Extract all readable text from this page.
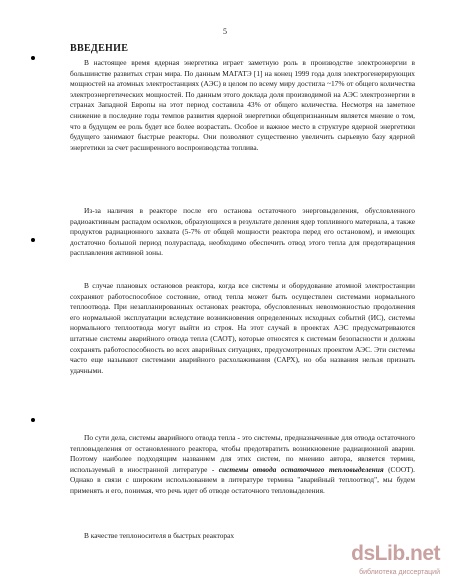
5
ВВЕДЕНИЕ

В настоящее время ядерная энергетика играет заметную роль в производстве электроэнергии в большинстве развитых стран мира. По данным МАГАТЭ [1] на конец 1999 года доля электрогенерирующих мощностей на атомных электростанциях (АЭС) в целом по всему миру достигла ~17% от общего количества электроэнергетических мощностей. По данным этого доклада доля производимой на АЭС электроэнергии в странах Западной Европы на этот период составила 43% от общего количества. Несмотря на заметное снижение в последние годы темпов развития ядерной энергетики общепризнанным является мнение о том, что в будущем ее роль будет все более возрастать. Особое и важное место в структуре ядерной энергетики будущего занимают быстрые реакторы. Они позволяют существенно увеличить сырьевую базу ядерной энергетики за счет расширенного воспроизводства топлива.

Из-за наличия в реакторе после его останова остаточного энерговыделения, обусловленного радиоактивным распадом осколков, образующихся в результате деления ядер топливного материала, а также продуктов радиационного захвата (5-7% от общей мощности реактора перед его остановом), и имеющих достаточно большой период полураспада, необходимо обеспечить отвод этого тепла для предотвращения расплавления активной зоны.

В случае плановых остановов реактора, когда все системы и оборудование атомной электростанции сохраняют работоспособное состояние, отвод тепла может быть осуществлен системами нормального теплоотвода. При незапланированных остановах реактора, обусловленных невозможностью продолжения его нормальной эксплуатации вследствие возникновения определенных исходных событий (ИС), системы нормального теплоотвода могут выйти из строя. На этот случай в проектах АЭС предусматриваются штатные системы аварийного отвода тепла (САОТ), которые относятся к системам безопасности и должны сохранять работоспособность во всех аварийных ситуациях, предусмотренных проектом АЭС. Эти системы часто еще называют системами аварийного расхолаживания (САРХ), но оба названия нельзя признать удачными.

По сути дела, системы аварийного отвода тепла - это системы, предназначенные для отвода остаточного тепловыделения от остановленного реактора, чтобы предотвратить возникновение радиационной аварии. Поэтому наиболее подходящим названием для этих систем, по мнению автора, является термин, используемый в иностранной литературе - системы отвода остаточного тепловыделения (СООТ). Однако в связи с широким использованием в литературе термина "аварийный теплоотвод", мы будем применять и его, понимая, что речь идет об отводе остаточного тепловыделения.

В качестве теплоносителя в быстрых реакторах

dsLib.net
библиотека диссертаций
